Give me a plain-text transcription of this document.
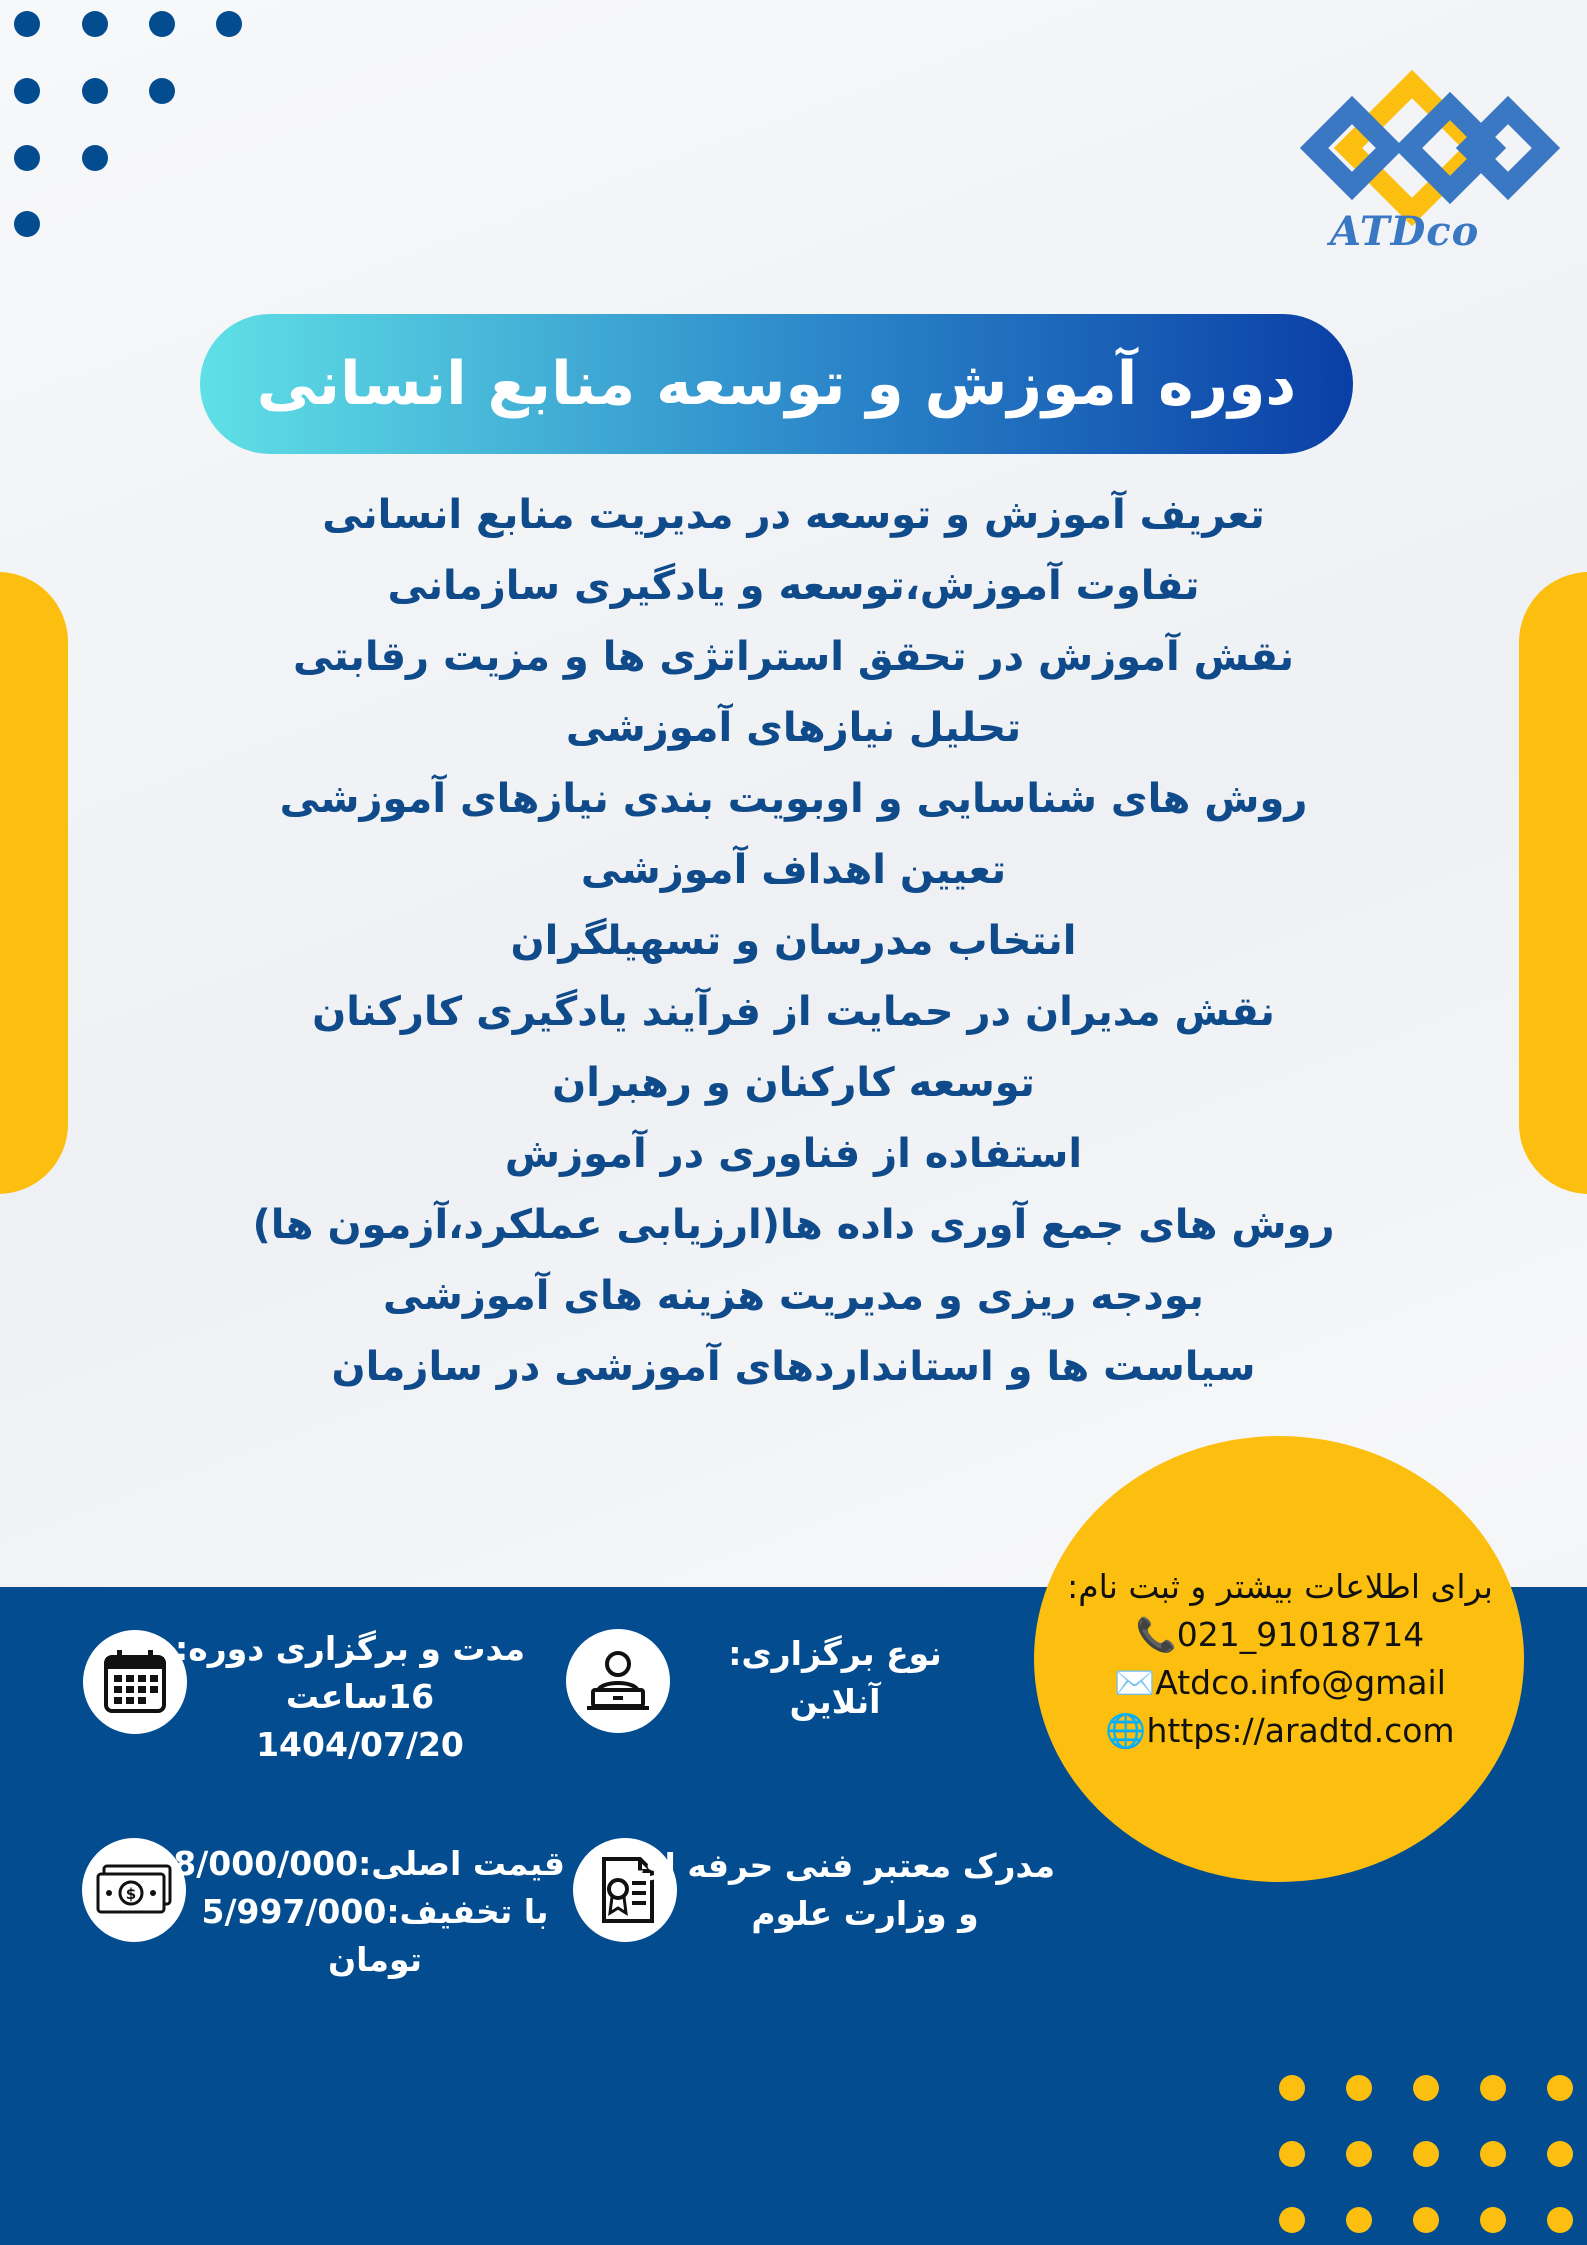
ATDco
دوره آموزش و توسعه منابع انسانی
تعریف آموزش و توسعه در مدیریت منابع انسانی
تفاوت آموزش،توسعه و یادگیری سازمانی
نقش آموزش در تحقق استراتژی ها و مزیت رقابتی
تحلیل نیازهای آموزشی
روش های شناسایی و اوبویت بندی نیازهای آموزشی
تعیین اهداف آموزشی
انتخاب مدرسان و تسهیلگران
نقش مدیران در حمایت از فرآیند یادگیری کارکنان
توسعه کارکنان و رهبران
استفاده از فناوری در آموزش
روش های جمع آوری داده ها(ارزیابی عملکرد،آزمون ها)
بودجه ریزی و مدیریت هزینه های آموزشی
سیاست ها و استانداردهای آموزشی در سازمان
برای اطلاعات بیشتر و ثبت نام:
📞021_91018714
✉️Atdco.info@gmail
🌐https://aradtd.com
مدت و برگزاری دوره:
16ساعت
1404/07/20
نوع برگزاری:
آنلاین
$
قیمت اصلی:8/000/000
با تخفیف:5/997/000
تومان
مدرک معتبر فنی حرفه ای
و وزارت علوم
